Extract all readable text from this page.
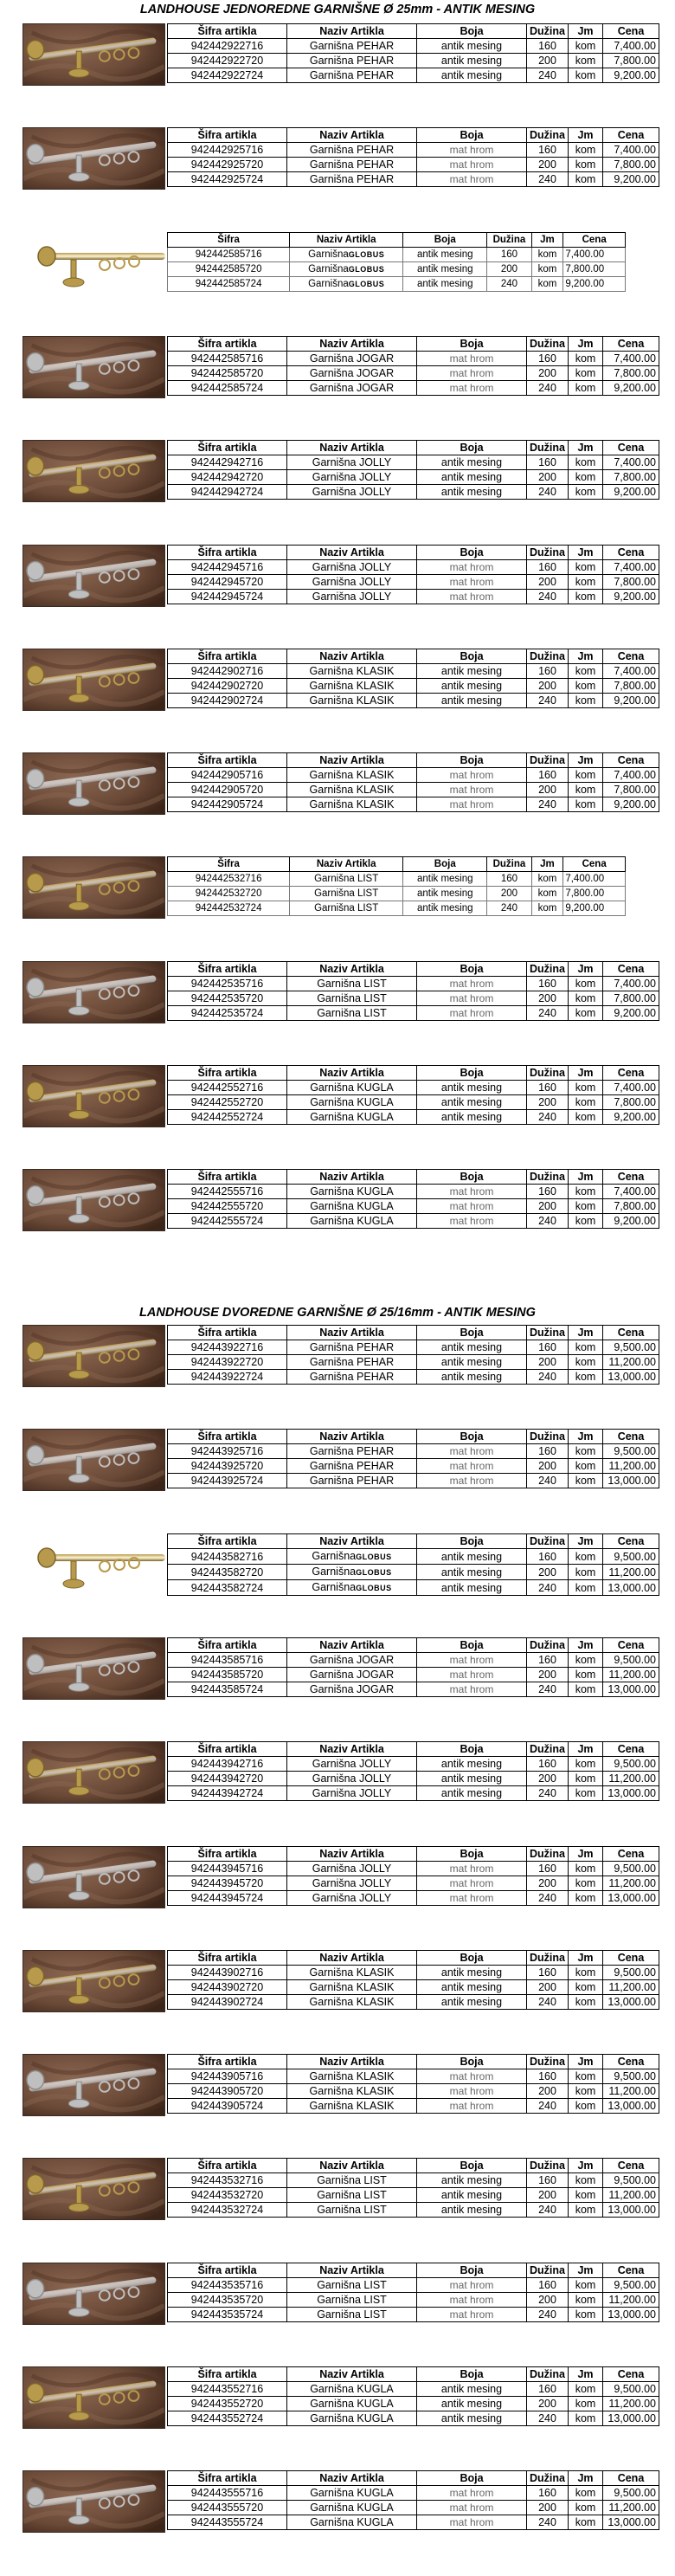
LANDHOUSE JEDNOREDNE GARNIŠNE Ø 25mm - ANTIK MESING
Šifra artikla	Naziv Artikla	Boja	Dužina	Jm	Cena
942442922716	Garnišna PEHAR	antik mesing	160	kom	7,400.00
942442922720	Garnišna PEHAR	antik mesing	200	kom	7,800.00
942442922724	Garnišna PEHAR	antik mesing	240	kom	9,200.00
Šifra artikla	Naziv Artikla	Boja	Dužina	Jm	Cena
942442925716	Garnišna PEHAR	mat hrom	160	kom	7,400.00
942442925720	Garnišna PEHAR	mat hrom	200	kom	7,800.00
942442925724	Garnišna PEHAR	mat hrom	240	kom	9,200.00
Šifra	Naziv Artikla	Boja	Dužina	Jm	Cena
942442585716	GarnišnaGLOBUS	antik mesing	160	kom	7,400.00
942442585720	GarnišnaGLOBUS	antik mesing	200	kom	7,800.00
942442585724	GarnišnaGLOBUS	antik mesing	240	kom	9,200.00
Šifra artikla	Naziv Artikla	Boja	Dužina	Jm	Cena
942442585716	Garnišna JOGAR	mat hrom	160	kom	7,400.00
942442585720	Garnišna JOGAR	mat hrom	200	kom	7,800.00
942442585724	Garnišna JOGAR	mat hrom	240	kom	9,200.00
Šifra artikla	Naziv Artikla	Boja	Dužina	Jm	Cena
942442942716	Garnišna JOLLY	antik mesing	160	kom	7,400.00
942442942720	Garnišna JOLLY	antik mesing	200	kom	7,800.00
942442942724	Garnišna JOLLY	antik mesing	240	kom	9,200.00
Šifra artikla	Naziv Artikla	Boja	Dužina	Jm	Cena
942442945716	Garnišna JOLLY	mat hrom	160	kom	7,400.00
942442945720	Garnišna JOLLY	mat hrom	200	kom	7,800.00
942442945724	Garnišna JOLLY	mat hrom	240	kom	9,200.00
Šifra artikla	Naziv Artikla	Boja	Dužina	Jm	Cena
942442902716	Garnišna KLASIK	antik mesing	160	kom	7,400.00
942442902720	Garnišna KLASIK	antik mesing	200	kom	7,800.00
942442902724	Garnišna KLASIK	antik mesing	240	kom	9,200.00
Šifra artikla	Naziv Artikla	Boja	Dužina	Jm	Cena
942442905716	Garnišna KLASIK	mat hrom	160	kom	7,400.00
942442905720	Garnišna KLASIK	mat hrom	200	kom	7,800.00
942442905724	Garnišna KLASIK	mat hrom	240	kom	9,200.00
Šifra	Naziv Artikla	Boja	Dužina	Jm	Cena
942442532716	Garnišna LIST	antik mesing	160	kom	7,400.00
942442532720	Garnišna LIST	antik mesing	200	kom	7,800.00
942442532724	Garnišna LIST	antik mesing	240	kom	9,200.00
Šifra artikla	Naziv Artikla	Boja	Dužina	Jm	Cena
942442535716	Garnišna LIST	mat hrom	160	kom	7,400.00
942442535720	Garnišna LIST	mat hrom	200	kom	7,800.00
942442535724	Garnišna LIST	mat hrom	240	kom	9,200.00
Šifra artikla	Naziv Artikla	Boja	Dužina	Jm	Cena
942442552716	Garnišna KUGLA	antik mesing	160	kom	7,400.00
942442552720	Garnišna KUGLA	antik mesing	200	kom	7,800.00
942442552724	Garnišna KUGLA	antik mesing	240	kom	9,200.00
Šifra artikla	Naziv Artikla	Boja	Dužina	Jm	Cena
942442555716	Garnišna KUGLA	mat hrom	160	kom	7,400.00
942442555720	Garnišna KUGLA	mat hrom	200	kom	7,800.00
942442555724	Garnišna KUGLA	mat hrom	240	kom	9,200.00
LANDHOUSE DVOREDNE GARNIŠNE Ø 25/16mm - ANTIK MESING
Šifra artikla	Naziv Artikla	Boja	Dužina	Jm	Cena
942443922716	Garnišna PEHAR	antik mesing	160	kom	9,500.00
942443922720	Garnišna PEHAR	antik mesing	200	kom	11,200.00
942443922724	Garnišna PEHAR	antik mesing	240	kom	13,000.00
Šifra artikla	Naziv Artikla	Boja	Dužina	Jm	Cena
942443925716	Garnišna PEHAR	mat hrom	160	kom	9,500.00
942443925720	Garnišna PEHAR	mat hrom	200	kom	11,200.00
942443925724	Garnišna PEHAR	mat hrom	240	kom	13,000.00
Šifra artikla	Naziv Artikla	Boja	Dužina	Jm	Cena
942443582716	GarnišnaGLOBUS	antik mesing	160	kom	9,500.00
942443582720	GarnišnaGLOBUS	antik mesing	200	kom	11,200.00
942443582724	GarnišnaGLOBUS	antik mesing	240	kom	13,000.00
Šifra artikla	Naziv Artikla	Boja	Dužina	Jm	Cena
942443585716	Garnišna JOGAR	mat hrom	160	kom	9,500.00
942443585720	Garnišna JOGAR	mat hrom	200	kom	11,200.00
942443585724	Garnišna JOGAR	mat hrom	240	kom	13,000.00
Šifra artikla	Naziv Artikla	Boja	Dužina	Jm	Cena
942443942716	Garnišna JOLLY	antik mesing	160	kom	9,500.00
942443942720	Garnišna JOLLY	antik mesing	200	kom	11,200.00
942443942724	Garnišna JOLLY	antik mesing	240	kom	13,000.00
Šifra artikla	Naziv Artikla	Boja	Dužina	Jm	Cena
942443945716	Garnišna JOLLY	mat hrom	160	kom	9,500.00
942443945720	Garnišna JOLLY	mat hrom	200	kom	11,200.00
942443945724	Garnišna JOLLY	mat hrom	240	kom	13,000.00
Šifra artikla	Naziv Artikla	Boja	Dužina	Jm	Cena
942443902716	Garnišna KLASIK	antik mesing	160	kom	9,500.00
942443902720	Garnišna KLASIK	antik mesing	200	kom	11,200.00
942443902724	Garnišna KLASIK	antik mesing	240	kom	13,000.00
Šifra artikla	Naziv Artikla	Boja	Dužina	Jm	Cena
942443905716	Garnišna KLASIK	mat hrom	160	kom	9,500.00
942443905720	Garnišna KLASIK	mat hrom	200	kom	11,200.00
942443905724	Garnišna KLASIK	mat hrom	240	kom	13,000.00
Šifra artikla	Naziv Artikla	Boja	Dužina	Jm	Cena
942443532716	Garnišna LIST	antik mesing	160	kom	9,500.00
942443532720	Garnišna LIST	antik mesing	200	kom	11,200.00
942443532724	Garnišna LIST	antik mesing	240	kom	13,000.00
Šifra artikla	Naziv Artikla	Boja	Dužina	Jm	Cena
942443535716	Garnišna LIST	mat hrom	160	kom	9,500.00
942443535720	Garnišna LIST	mat hrom	200	kom	11,200.00
942443535724	Garnišna LIST	mat hrom	240	kom	13,000.00
Šifra artikla	Naziv Artikla	Boja	Dužina	Jm	Cena
942443552716	Garnišna KUGLA	antik mesing	160	kom	9,500.00
942443552720	Garnišna KUGLA	antik mesing	200	kom	11,200.00
942443552724	Garnišna KUGLA	antik mesing	240	kom	13,000.00
Šifra artikla	Naziv Artikla	Boja	Dužina	Jm	Cena
942443555716	Garnišna KUGLA	mat hrom	160	kom	9,500.00
942443555720	Garnišna KUGLA	mat hrom	200	kom	11,200.00
942443555724	Garnišna KUGLA	mat hrom	240	kom	13,000.00
